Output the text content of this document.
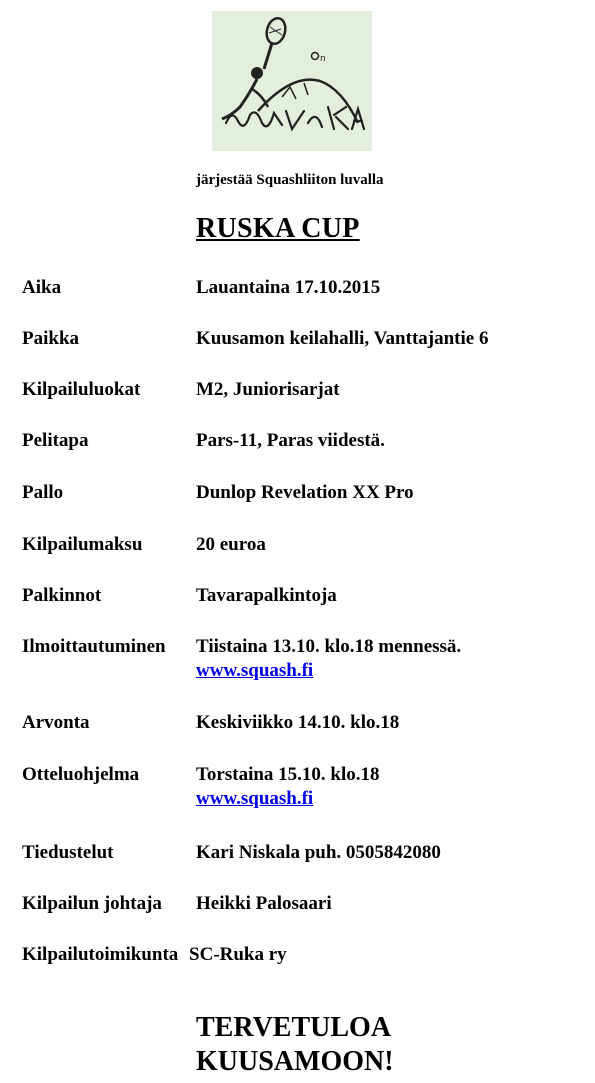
n
järjestää Squashliiton luvalla
RUSKA CUP
Aika	Lauantaina 17.10.2015
Paikka	Kuusamon keilahalli, Vanttajantie 6
Kilpailuluokat	M2, Juniorisarjat
Pelitapa	Pars-11, Paras viidestä.
Pallo	Dunlop Revelation XX Pro
Kilpailumaksu	20 euroa
Palkinnot	Tavarapalkintoja
Ilmoittautuminen Tiistaina 13.10. klo.18 mennessä.
www.squash.fi
Arvonta	Keskiviikko 14.10. klo.18
Otteluohjelma	Torstaina 15.10. klo.18
www.squash.fi
Tiedustelut	Kari Niskala puh. 0505842080
Kilpailun johtaja Heikki Palosaari
Kilpailutoimikunta SC-Ruka ry
TERVETULOA
KUUSAMOON!
